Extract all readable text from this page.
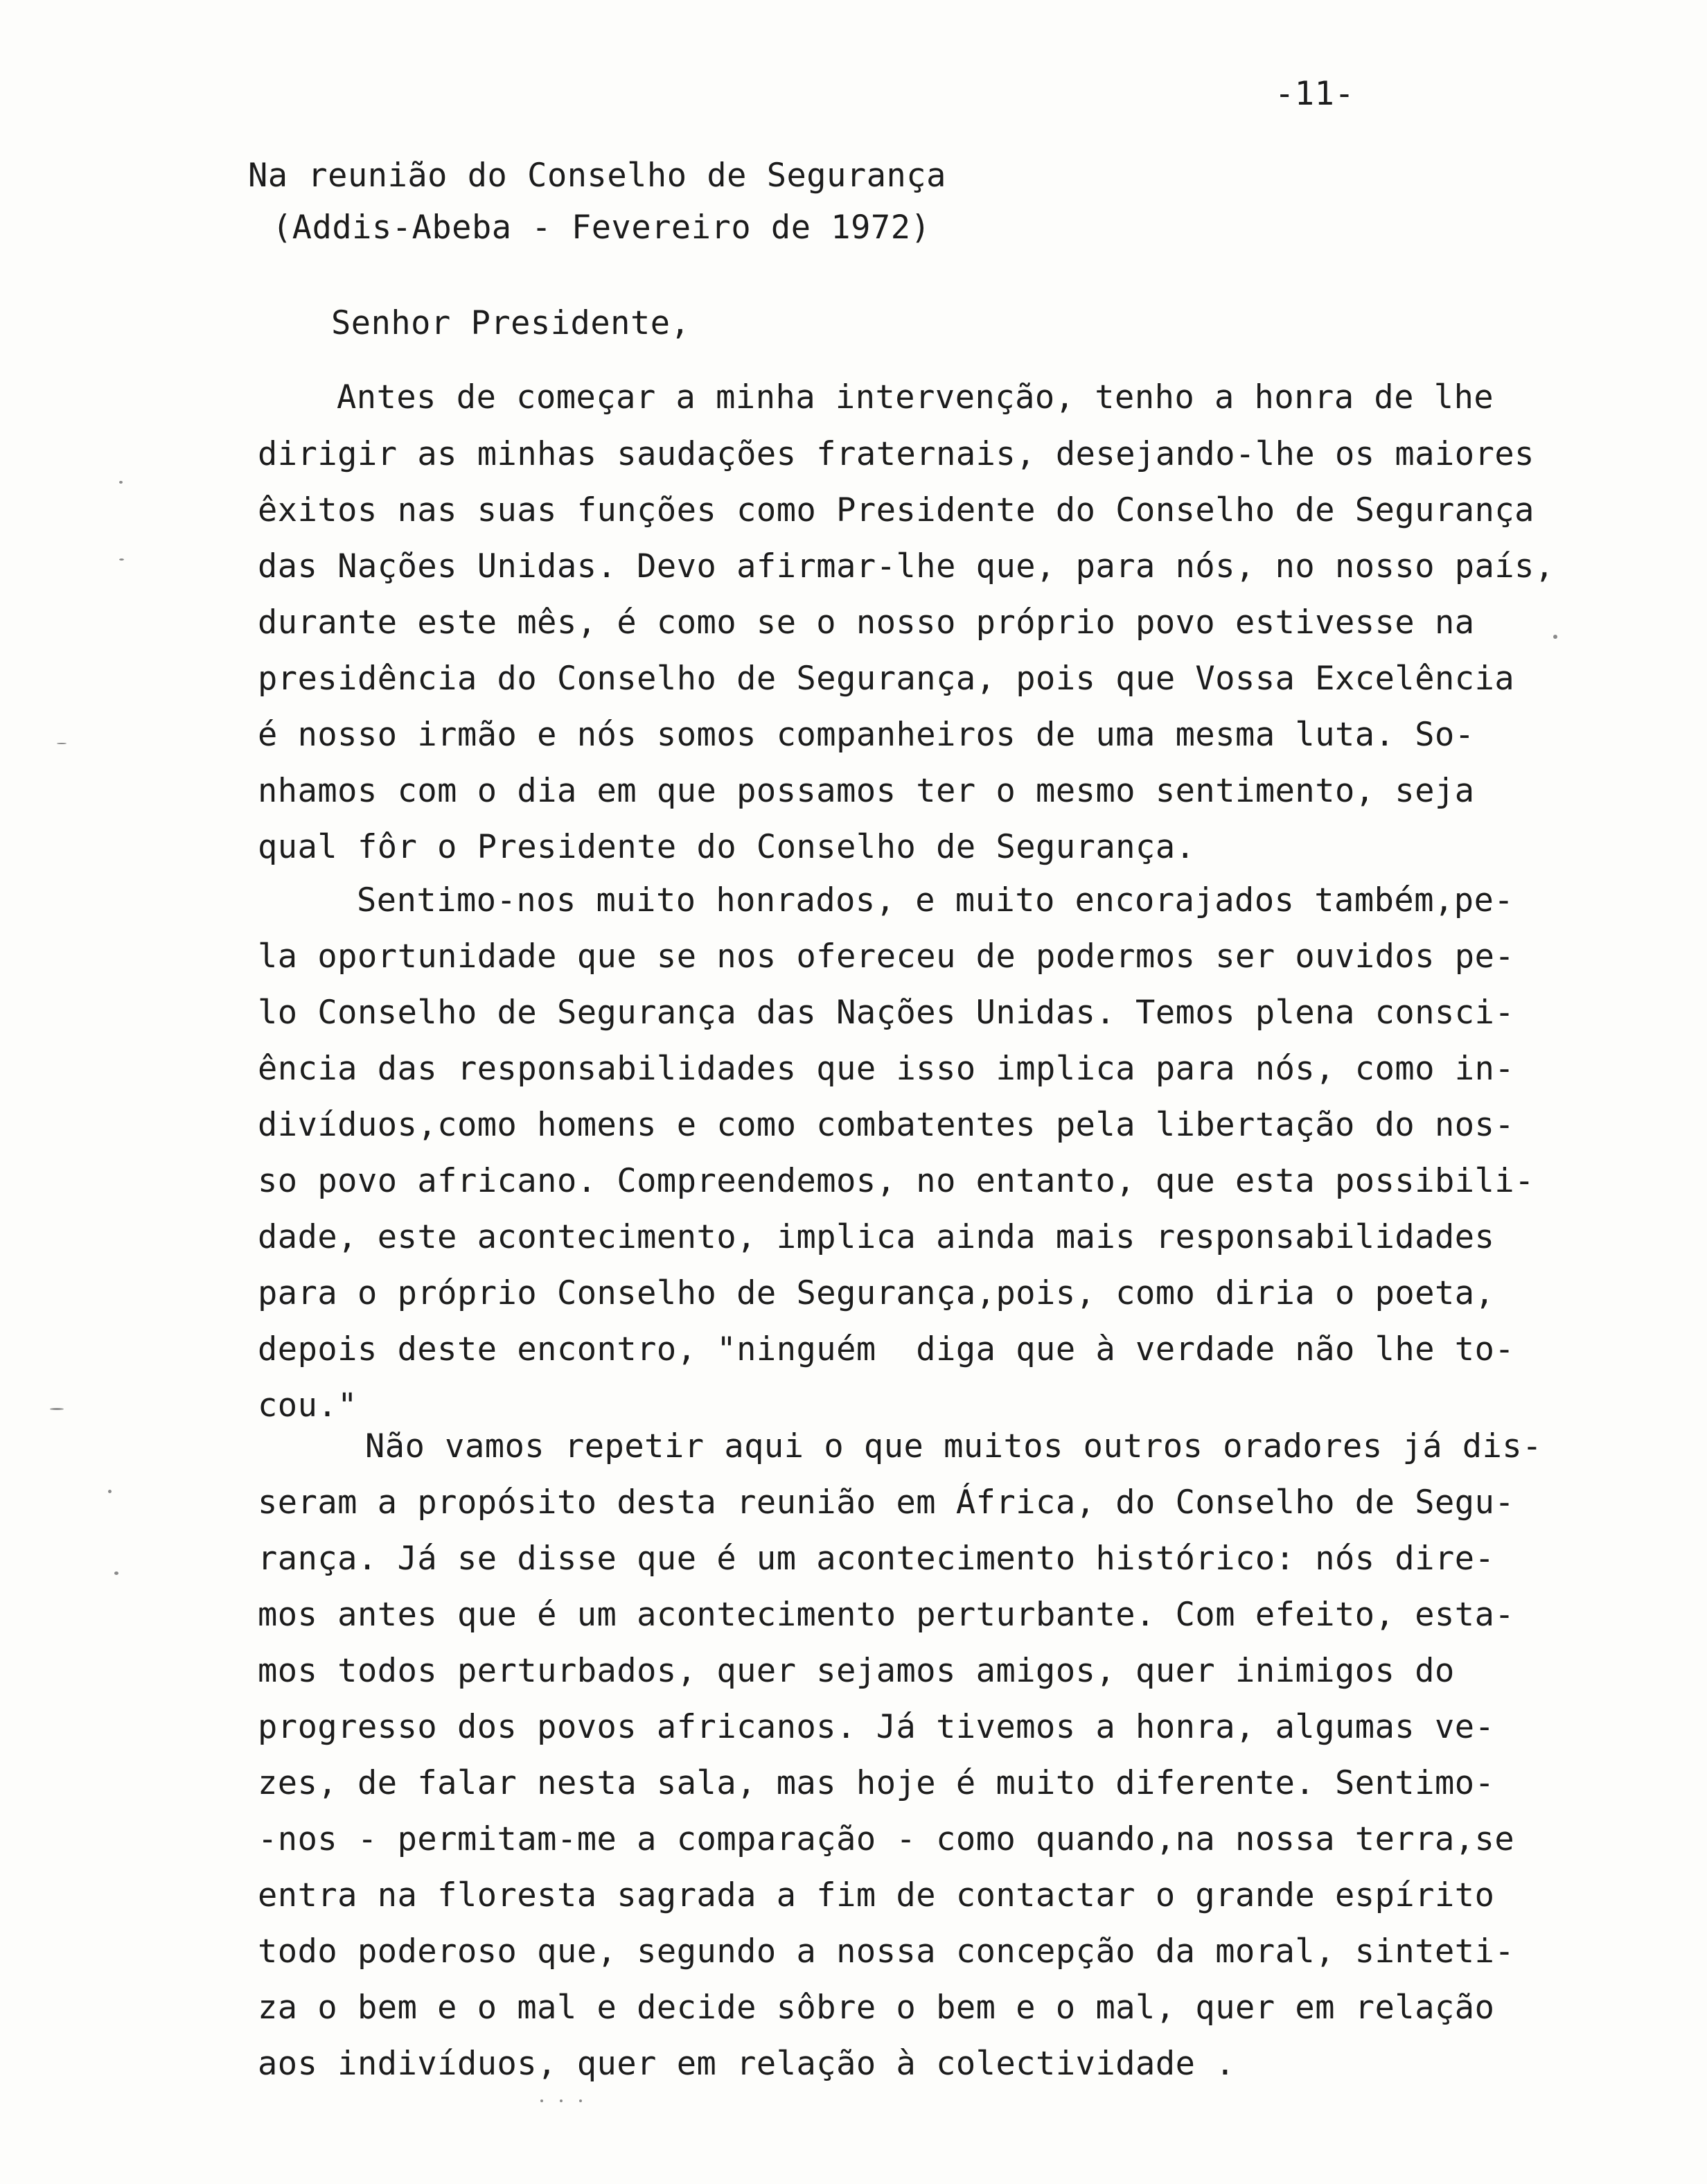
-11-
Na reunião do Conselho de Segurança
(Addis-Abeba - Fevereiro de 1972)
Senhor Presidente,
Antes de começar a minha intervenção, tenho a honra de lhe
dirigir as minhas saudações fraternais, desejando-lhe os maiores
êxitos nas suas funções como Presidente do Conselho de Segurança
das Nações Unidas. Devo afirmar-lhe que, para nós, no nosso país,
durante este mês, é como se o nosso próprio povo estivesse na
presidência do Conselho de Segurança, pois que Vossa Excelência
é nosso irmão e nós somos companheiros de uma mesma luta. So-
nhamos com o dia em que possamos ter o mesmo sentimento, seja
qual fôr o Presidente do Conselho de Segurança.
Sentimo-nos muito honrados, e muito encorajados também,pe-
la oportunidade que se nos ofereceu de podermos ser ouvidos pe-
lo Conselho de Segurança das Nações Unidas. Temos plena consci-
ência das responsabilidades que isso implica para nós, como in-
divíduos,como homens e como combatentes pela libertação do nos-
so povo africano. Compreendemos, no entanto, que esta possibili-
dade, este acontecimento, implica ainda mais responsabilidades
para o próprio Conselho de Segurança,pois, como diria o poeta,
depois deste encontro, "ninguém  diga que à verdade não lhe to-
cou."
Não vamos repetir aqui o que muitos outros oradores já dis-
seram a propósito desta reunião em África, do Conselho de Segu-
rança. Já se disse que é um acontecimento histórico: nós dire-
mos antes que é um acontecimento perturbante. Com efeito, esta-
mos todos perturbados, quer sejamos amigos, quer inimigos do
progresso dos povos africanos. Já tivemos a honra, algumas ve-
zes, de falar nesta sala, mas hoje é muito diferente. Sentimo-
-nos - permitam-me a comparação - como quando,na nossa terra,se
entra na floresta sagrada a fim de contactar o grande espírito
todo poderoso que, segundo a nossa concepção da moral, sinteti-
za o bem e o mal e decide sôbre o bem e o mal, quer em relação
aos indivíduos, quer em relação à colectividade .
